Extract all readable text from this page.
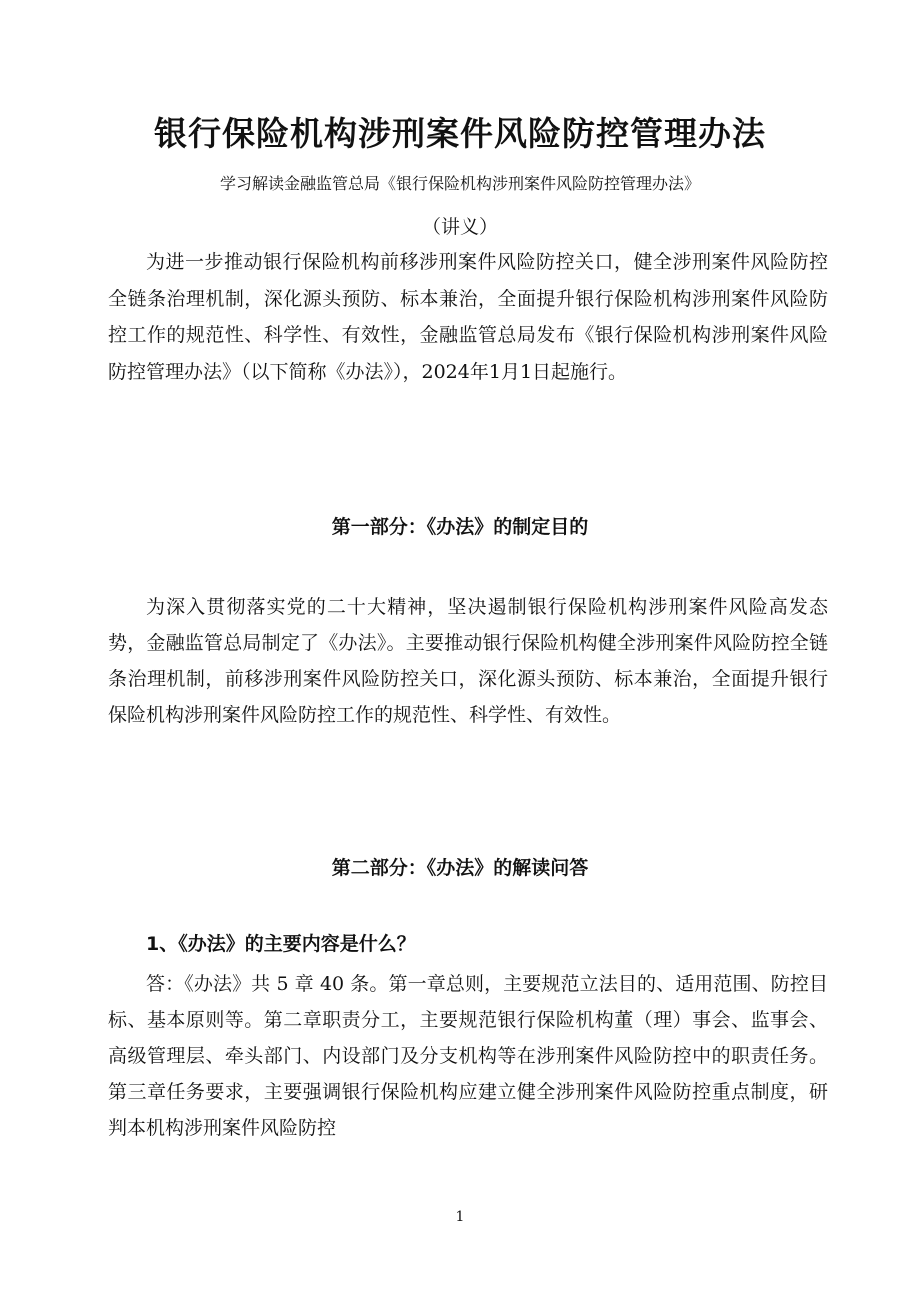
银行保险机构涉刑案件风险防控管理办法

学习解读金融监管总局《银行保险机构涉刑案件风险防控管理办法》

（讲义）

为进一步推动银行保险机构前移涉刑案件风险防控关口，健全涉刑案件风险防控全链条治理机制，深化源头预防、标本兼治，全面提升银行保险机构涉刑案件风险防控工作的规范性、科学性、有效性，金融监管总局发布《银行保险机构涉刑案件风险防控管理办法》（以下简称《办法》），2024年1月1日起施行。

第一部分：《办法》的制定目的

为深入贯彻落实党的二十大精神，坚决遏制银行保险机构涉刑案件风险高发态势，金融监管总局制定了《办法》。主要推动银行保险机构健全涉刑案件风险防控全链条治理机制，前移涉刑案件风险防控关口，深化源头预防、标本兼治，全面提升银行保险机构涉刑案件风险防控工作的规范性、科学性、有效性。

第二部分：《办法》的解读问答

1、《办法》的主要内容是什么？

答：《办法》共 5 章 40 条。第一章总则，主要规范立法目的、适用范围、防控目标、基本原则等。第二章职责分工，主要规范银行保险机构董（理）事会、监事会、高级管理层、牵头部门、内设部门及分支机构等在涉刑案件风险防控中的职责任务。第三章任务要求，主要强调银行保险机构应建立健全涉刑案件风险防控重点制度，研判本机构涉刑案件风险防控

1
